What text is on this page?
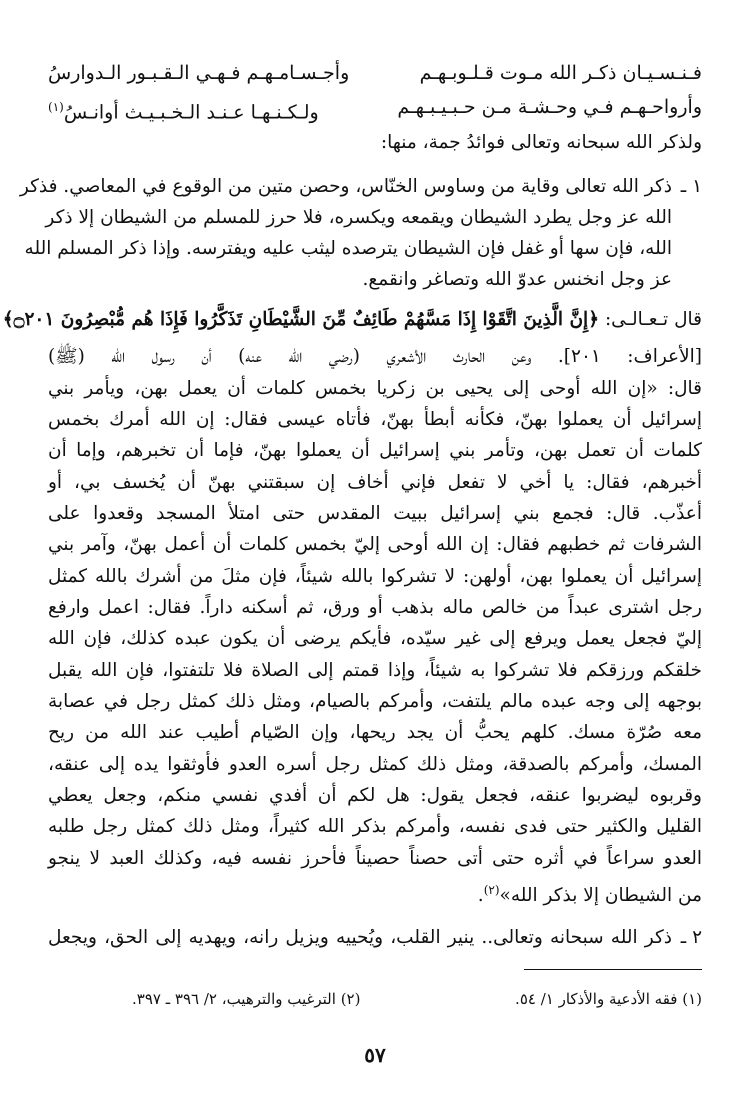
فـنـسـيـان ذكـر الله مـوت قـلـوبـهـم
وأجـسـامـهـم فـهـي الـقـبـور الـدوارسُ
وأرواحـهـم فـي وحـشـة مـن حـبـيـبـهـم
ولـكـنـهـا عـنـد الـخـبـيـث أوانـسُ$^{(١)}$
ولذكر الله سبحانه وتعالى فوائدُ جمة، منها:
١ ـ
ذكر الله تعالى وقاية من وساوس الخنّاس، وحصن متين من الوقوع في المعاصي. فذكر
الله عز وجل يطرد الشيطان ويقمعه ويكسره، فلا حرز للمسلم من الشيطان إلا ذكر
الله، فإن سها أو غفل فإن الشيطان يترصده ليثب عليه ويفترسه. وإذا ذكر المسلم الله
عز وجل انخنس عدوّ الله وتصاغر وانقمع.
قال تـعـالـى: ﴿إِنَّ الَّذِينَ اتَّقَوْا إِذَا مَسَّهُمْ طَائِفٌ مِّنَ الشَّيْطَانِ تَذَكَّرُوا فَإِذَا هُم مُّبْصِرُونَ ۝٢٠١﴾
[الأعراف: ٢٠١]. وعن الحارث الأشعري (رضي الله عنه) أن رسول الله (ﷺ)
قال: «إن الله أوحى إلى يحيى بن زكريا بخمس كلمات أن يعمل بهن، ويأمر بني
إسرائيل أن يعملوا بهنّ، فكأنه أبطأ بهنّ، فأتاه عيسى فقال: إن الله أمرك بخمس
كلمات أن تعمل بهن، وتأمر بني إسرائيل أن يعملوا بهنّ، فإما أن تخبرهم، وإما أن
أخبرهم، فقال: يا أخي لا تفعل فإني أخاف إن سبقتني بهنّ أن يُخسف بي، أو
أعذّب. قال: فجمع بني إسرائيل ببيت المقدس حتى امتلأ المسجد وقعدوا على
الشرفات ثم خطبهم فقال: إن الله أوحى إليّ بخمس كلمات أن أعمل بهنّ، وآمر بني
إسرائيل أن يعملوا بهن، أولهن: لا تشركوا بالله شيئاً، فإن مثلَ من أشرك بالله كمثل
رجل اشترى عبداً من خالص ماله بذهب أو ورق، ثم أسكنه داراً. فقال: اعمل وارفع
إليّ فجعل يعمل ويرفع إلى غير سيّده، فأيكم يرضى أن يكون عبده كذلك، فإن الله
خلقكم ورزقكم فلا تشركوا به شيئاً، وإذا قمتم إلى الصلاة فلا تلتفتوا، فإن الله يقبل
بوجهه إلى وجه عبده مالم يلتفت، وأمركم بالصيام، ومثل ذلك كمثل رجل في عصابة
معه صُرّة مسك. كلهم يحبُّ أن يجد ريحها، وإن الصّيام أطيب عند الله من ريح
المسك، وأمركم بالصدقة، ومثل ذلك كمثل رجل أسره العدو فأوثقوا يده إلى عنقه،
وقربوه ليضربوا عنقه، فجعل يقول: هل لكم أن أفدي نفسي منكم، وجعل يعطي
القليل والكثير حتى فدى نفسه، وأمركم بذكر الله كثيراً، ومثل ذلك كمثل رجل طلبه
العدو سراعاً في أثره حتى أتى حصناً حصيناً فأحرز نفسه فيه، وكذلك العبد لا ينجو
من الشيطان إلا بذكر الله»$^{(٢)}$.
٢ ـ
ذكر الله سبحانه وتعالى.. ينير القلب، ويُحييه ويزيل رانه، ويهديه إلى الحق، ويجعل
(١) فقه الأدعية والأذكار ١/ ٥٤.
(٢) الترغيب والترهيب، ٢/ ٣٩٦ ـ ٣٩٧.
٥٧
